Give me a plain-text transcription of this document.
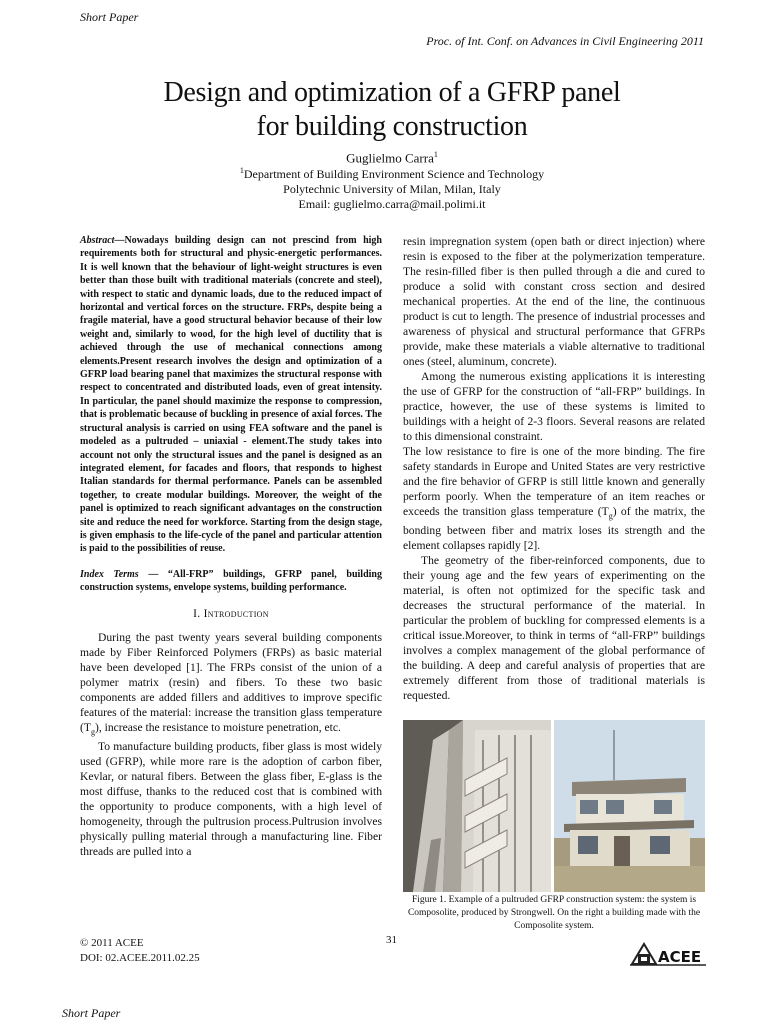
Short Paper
Proc. of Int. Conf. on Advances in Civil Engineering 2011
Design and optimization of a GFRP panel
for building construction
Guglielmo Carra$^1$
$^1$Department of Building Environment Science and Technology
Polytechnic University of Milan, Milan, Italy
Email: guglielmo.carra@mail.polimi.it

Abstract—Nowadays building design can not prescind from high requirements both for structural and physic-energetic performances. It is well known that the behaviour of light-weight structures is even better than those built with traditional materials (concrete and steel), with respect to static and dynamic loads, due to the reduced impact of horizontal and vertical forces on the structure. FRPs, despite being a fragile material, have a good structural behavior because of their low weight and, similarly to wood, for the high level of ductility that is achieved through the use of mechanical connections among elements.Present research involves the design and optimization of a GFRP load bearing panel that maximizes the structural response with respect to concentrated and distributed loads, even of great intensity. In particular, the panel should maximize the response to compression, that is problematic because of buckling in presence of axial forces. The structural analysis is carried on using FEA software and the panel is modeled as a pultruded – uniaxial - element.The study takes into account not only the structural issues and the panel is designed as an integrated element, for facades and floors, that responds to highest Italian standards for thermal performance. Panels can be assembled together, to create modular buildings. Moreover, the weight of the panel is optimized to reach significant advantages on the construction site and reduce the need for workforce. Starting from the design stage, is given emphasis to the life-cycle of the panel and particular attention is paid to the possibilities of reuse.

Index Terms — “All-FRP” buildings, GFRP panel, building construction systems, envelope systems, building performance.

I. Introduction

During the past twenty years several building components made by Fiber Reinforced Polymers (FRPs) as basic material have been developed [1]. The FRPs consist of the union of a polymer matrix (resin) and fibers. To these two basic components are added fillers and additives to improve specific features of the material: increase the transition glass temperature $(T_g)$, increase the resistance to moisture penetration, etc.

To manufacture building products, fiber glass is most widely used (GFRP), while more rare is the adoption of carbon fiber, Kevlar, or natural fibers. Between the glass fiber, E-glass is the most diffuse, thanks to the reduced cost that is combined with the opportunity to produce components, with a high level of homogeneity, through the pultrusion process.Pultrusion involves physically pulling material through a manufacturing line. Fiber threads are pulled into a

resin impregnation system (open bath or direct injection) where resin is exposed to the fiber at the polymerization temperature. The resin-filled fiber is then pulled through a die and cured to produce a solid with constant cross section and desired mechanical properties. At the end of the line, the continuous product is cut to length. The presence of industrial processes and awareness of physical and structural performance that GFRPs provide, make these materials a viable alternative to traditional ones (steel, aluminum, concrete).

Among the numerous existing applications it is interesting the use of GFRP for the construction of “all-FRP” buildings. In practice, however, the use of these systems is limited to buildings with a height of 2-3 floors. Several reasons are related to this dimensional constraint.

The low resistance to fire is one of the more binding. The fire safety standards in Europe and United States are very restrictive and the fire behavior of GFRP is still little known and generally perform poorly. When the temperature of an item reaches or exceeds the transition glass temperature $(T_g)$ of the matrix, the bonding between fiber and matrix loses its strength and the element collapses rapidly [2].

The geometry of the fiber-reinforced components, due to their young age and the few years of experimenting on the material, is often not optimized for the specific task and decreases the structural performance of the material. In particular the problem of buckling for compressed elements is a critical issue.Moreover, to think in terms of “all-FRP” buildings involves a complex management of the global performance of the building. A deep and careful analysis of properties that are extremely different from those of traditional materials is requested.

Figure 1. Example of a pultruded GFRP construction system: the system is Composolite, produced by Strongwell. On the right a building made with the Composolite system.
© 2011 ACEE
DOI: 02.ACEE.2011.02.25
31
ACEE
Short Paper
